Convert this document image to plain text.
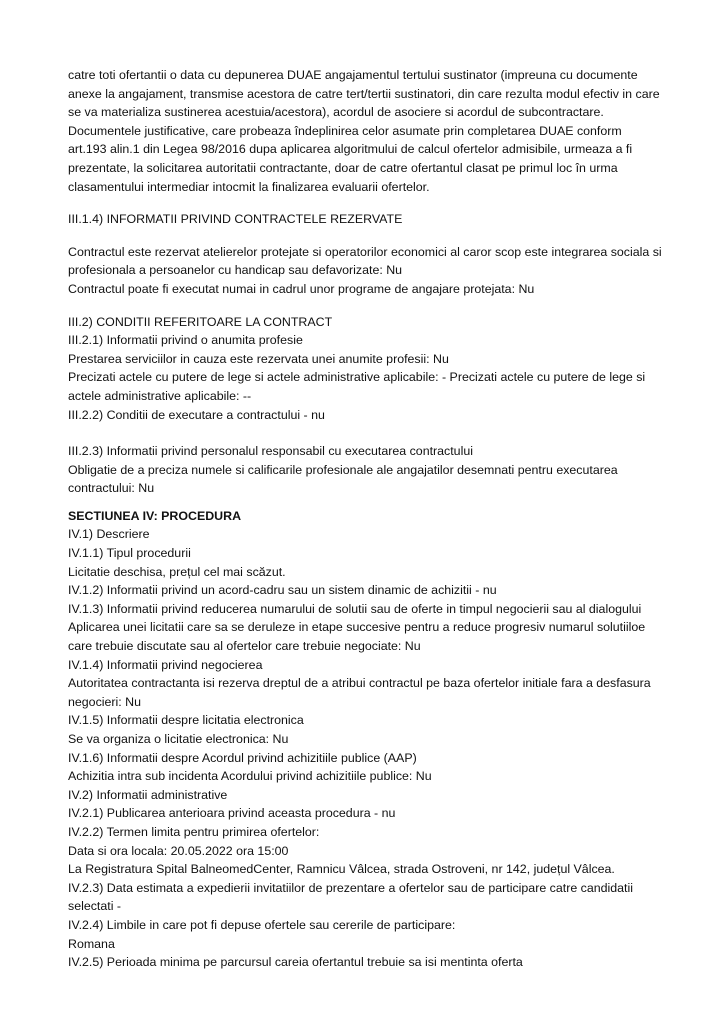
catre toti ofertantii o data cu depunerea DUAE angajamentul tertului sustinator (impreuna cu documente
anexe la angajament, transmise acestora de catre tert/tertii sustinatori, din care rezulta modul efectiv in care
se va materializa sustinerea acestuia/acestora), acordul de asociere si acordul de subcontractare.
Documentele justificative, care probeaza îndeplinirea celor asumate prin completarea DUAE conform
art.193 alin.1 din Legea 98/2016 dupa aplicarea algoritmului de calcul ofertelor admisibile, urmeaza a fi
prezentate, la solicitarea autoritatii contractante, doar de catre ofertantul clasat pe primul loc în urma
clasamentului intermediar intocmit la finalizarea evaluarii ofertelor.
III.1.4) INFORMATII PRIVIND CONTRACTELE REZERVATE
Contractul este rezervat atelierelor protejate si operatorilor economici al caror scop este integrarea sociala si
profesionala a persoanelor cu handicap sau defavorizate: Nu
Contractul poate fi executat numai in cadrul unor programe de angajare protejata: Nu
III.2) CONDITII REFERITOARE LA CONTRACT
III.2.1) Informatii privind o anumita profesie
Prestarea serviciilor in cauza este rezervata unei anumite profesii: Nu
Precizati actele cu putere de lege si actele administrative aplicabile: - Precizati actele cu putere de lege si
actele administrative aplicabile: --
III.2.2) Conditii de executare a contractului - nu
III.2.3) Informatii privind personalul responsabil cu executarea contractului
Obligatie de a preciza numele si calificarile profesionale ale angajatilor desemnati pentru executarea
contractului: Nu
SECTIUNEA IV: PROCEDURA
IV.1) Descriere
IV.1.1) Tipul procedurii
Licitatie deschisa, prețul cel mai scăzut.
IV.1.2) Informatii privind un acord-cadru sau un sistem dinamic de achizitii - nu
IV.1.3) Informatii privind reducerea numarului de solutii sau de oferte in timpul negocierii sau al dialogului
Aplicarea unei licitatii care sa se deruleze in etape succesive pentru a reduce progresiv numarul solutiiloe
care trebuie discutate sau al ofertelor care trebuie negociate: Nu
IV.1.4) Informatii privind negocierea
Autoritatea contractanta isi rezerva dreptul de a atribui contractul pe baza ofertelor initiale fara a desfasura
negocieri: Nu
IV.1.5) Informatii despre licitatia electronica
Se va organiza o licitatie electronica: Nu
IV.1.6) Informatii despre Acordul privind achizitiile publice (AAP)
Achizitia intra sub incidenta Acordului privind achizitiile publice: Nu
IV.2) Informatii administrative
IV.2.1) Publicarea anterioara privind aceasta procedura - nu
IV.2.2) Termen limita pentru primirea ofertelor:
Data si ora locala: 20.05.2022 ora 15:00
La Registratura Spital BalneomedCenter, Ramnicu Vâlcea, strada Ostroveni, nr 142, județul Vâlcea.
IV.2.3) Data estimata a expedierii invitatiilor de prezentare a ofertelor sau de participare catre candidatii
selectati -
IV.2.4) Limbile in care pot fi depuse ofertele sau cererile de participare:
Romana
IV.2.5) Perioada minima pe parcursul careia ofertantul trebuie sa isi mentinta oferta
